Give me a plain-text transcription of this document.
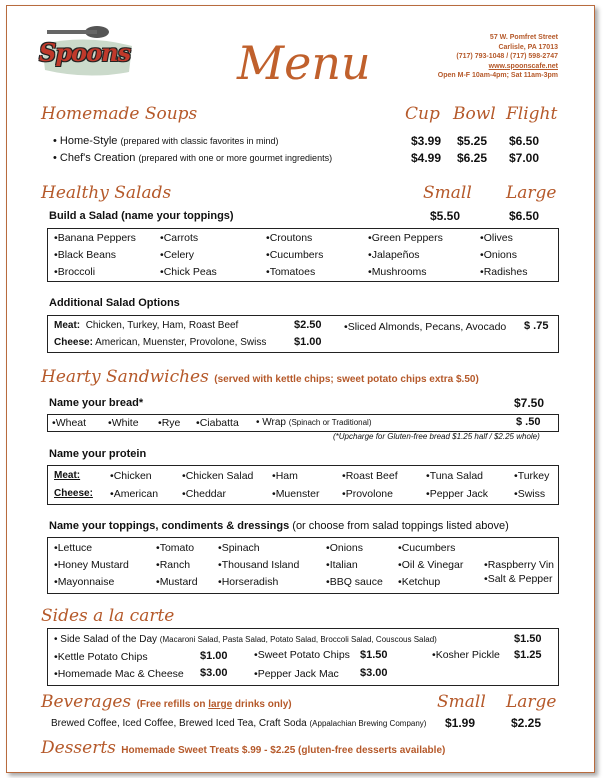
Spoons Menu	57 W. Pomfret Street
Carlisle, PA 17013
(717) 793-1048 / (717) 598-2747
www.spoonscafe.net
Open M-F 10am-4pm; Sat 11am-3pm
Homemade Soups	Cup Bowl Flight
• Home-Style (prepared with classic favorites in mind)	$3.99 $5.25 $6.50
• Chef's Creation (prepared with one or more gourmet ingredients)	$4.99 $6.25 $7.00
Healthy Salads	Small Large
Build a Salad (name your toppings)	$5.50	$6.50
• Banana Peppers	• Carrots	• Croutons	• Green Peppers	• Olives
• Black Beans	• Celery	• Cucumbers	• Jalapeños	• Onions
• Broccoli	• Chick Peas	• Tomatoes	• Mushrooms	• Radishes
Additional Salad Options
Meat: Chicken, Turkey, Ham, Roast Beef	$2.50
Cheese: American, Muenster, Provolone, Swiss	$1.00
• Sliced Almonds, Pecans, Avocado $ .75
Hearty Sandwiches (served with kettle chips; sweet potato chips extra $.50)
Name your bread*	$7.50
• Wheat	• White	• Rye	• Ciabatta • Wrap (Spinach or Traditional)	$ .50
(*Upcharge for Gluten-free bread $1.25 half / $2.25 whole)
Name your protein
Meat:	• Chicken	• Chicken Salad	• Ham	• Roast Beef	• Tuna Salad	• Turkey
Cheese:	• American	• Cheddar	• Muenster	• Provolone	• Pepper Jack	• Swiss
Name your toppings, condiments & dressings (or choose from salad toppings listed above)
• Lettuce	• Tomato	• Spinach	• Onions	• Cucumbers
• Honey Mustard	• Ranch	• Thousand Island	• Italian	• Oil & Vinegar	• Raspberry Vin
• Mayonnaise	• Mustard	• Horseradish	• BBQ sauce	• Ketchup	• Salt & Pepper
Sides a la carte
• Side Salad of the Day (Macaroni Salad, Pasta Salad, Potato Salad, Broccoli Salad, Couscous Salad)	$1.50
• Kettle Potato Chips	$1.00	• Sweet Potato Chips $1.50	• Kosher Pickle $1.25
• Homemade Mac & Cheese $3.00	• Pepper Jack Mac $3.00
Beverages (Free refills on large drinks only)	Small Large
Brewed Coffee, Iced Coffee, Brewed Iced Tea, Craft Soda (Appalachian Brewing Company) $1.99	$2.25
Desserts Homemade Sweet Treats $.99 - $2.25 (gluten-free desserts available)
